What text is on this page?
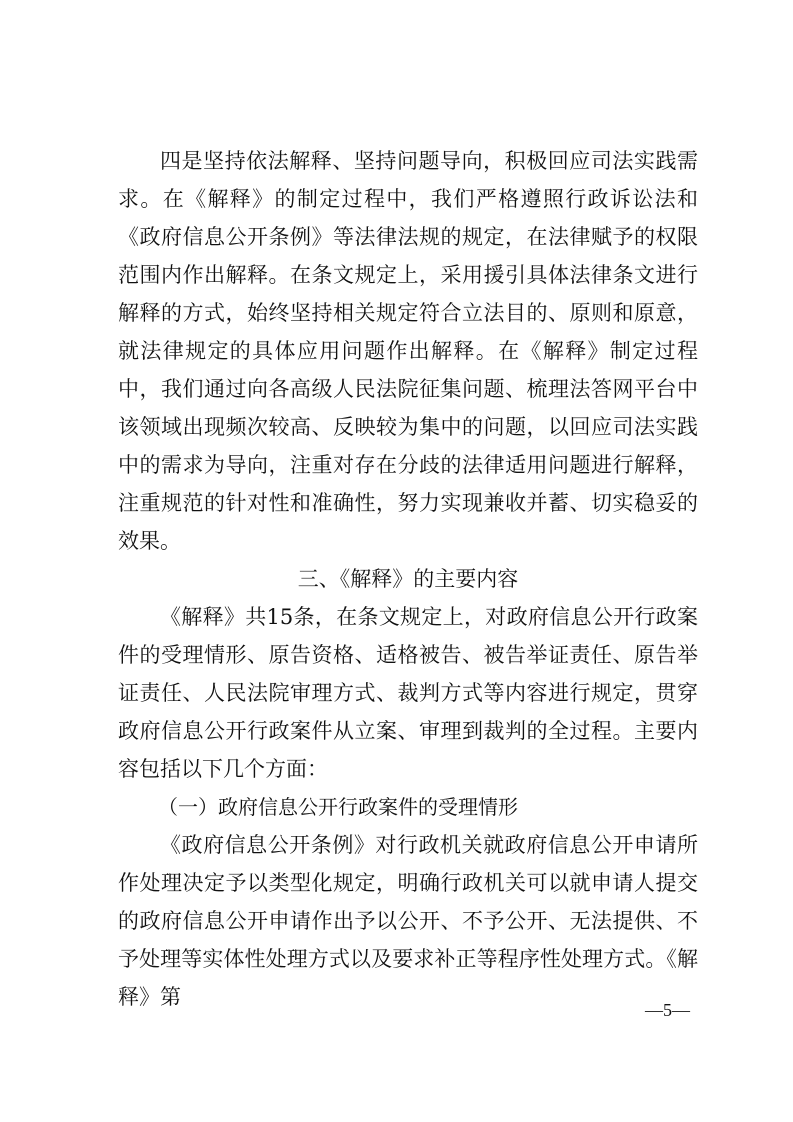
四是坚持依法解释、坚持问题导向，积极回应司法实践需求。在《解释》的制定过程中，我们严格遵照行政诉讼法和《政府信息公开条例》等法律法规的规定，在法律赋予的权限范围内作出解释。在条文规定上，采用援引具体法律条文进行解释的方式，始终坚持相关规定符合立法目的、原则和原意，就法律规定的具体应用问题作出解释。在《解释》制定过程中，我们通过向各高级人民法院征集问题、梳理法答网平台中该领域出现频次较高、反映较为集中的问题，以回应司法实践中的需求为导向，注重对存在分歧的法律适用问题进行解释，注重规范的针对性和准确性，努力实现兼收并蓄、切实稳妥的效果。

三、《解释》的主要内容

《解释》共15条，在条文规定上，对政府信息公开行政案件的受理情形、原告资格、适格被告、被告举证责任、原告举证责任、人民法院审理方式、裁判方式等内容进行规定，贯穿政府信息公开行政案件从立案、审理到裁判的全过程。主要内容包括以下几个方面：

（一）政府信息公开行政案件的受理情形

《政府信息公开条例》对行政机关就政府信息公开申请所作处理决定予以类型化规定，明确行政机关可以就申请人提交的政府信息公开申请作出予以公开、不予公开、无法提供、不予处理等实体性处理方式以及要求补正等程序性处理方式。《解释》第

—5—
